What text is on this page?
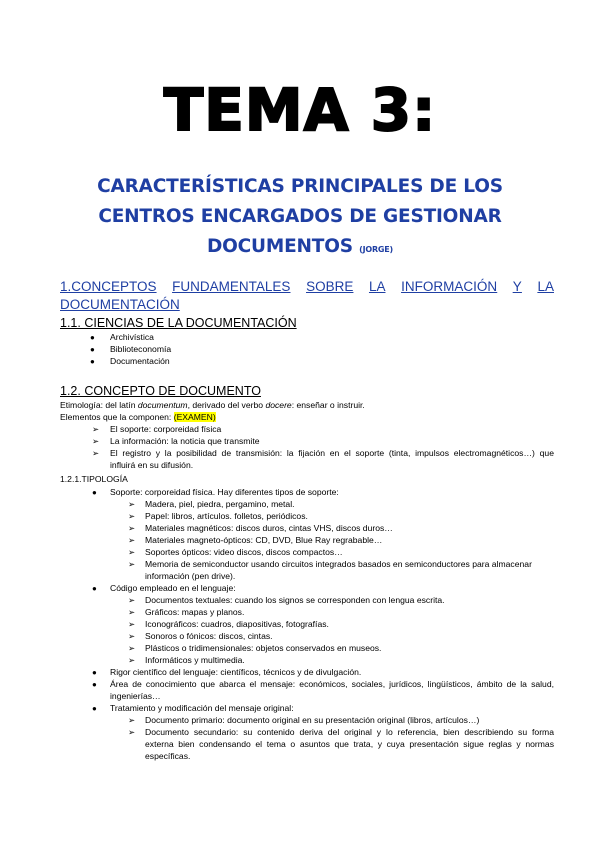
TEMA 3:
CARACTERÍSTICAS PRINCIPALES DE LOS
CENTROS ENCARGADOS DE GESTIONAR
DOCUMENTOS (JORGE)
1.CONCEPTOS FUNDAMENTALES SOBRE LA INFORMACIÓN Y LA
DOCUMENTACIÓN
1.1. CIENCIAS DE LA DOCUMENTACIÓN
● Archivística
● Biblioteconomía
● Documentación
1.2. CONCEPTO DE DOCUMENTO
Etimología: del latín documentum, derivado del verbo docere: enseñar o instruir.
Elementos que la componen: (EXAMEN)
➢ El soporte: corporeidad física
➢ La información: la noticia que transmite
➢ El registro y la posibilidad de transmisión: la fijación en el soporte (tinta, impulsos electromagnéticos…) que
influirá en su difusión.
1.2.1.TIPOLOGÍA
● Soporte: corporeidad física. Hay diferentes tipos de soporte:
➢ Madera, piel, piedra, pergamino, metal.
➢ Papel: libros, artículos. folletos, periódicos.
➢ Materiales magnéticos: discos duros, cintas VHS, discos duros…
➢ Materiales magneto-ópticos: CD, DVD, Blue Ray regrabable…
➢ Soportes ópticos: video discos, discos compactos…
➢ Memoria de semiconductor usando circuitos integrados basados en semiconductores para almacenar
información (pen drive).
● Código empleado en el lenguaje:
➢ Documentos textuales: cuando los signos se corresponden con lengua escrita.
➢ Gráficos: mapas y planos.
➢ Iconográficos: cuadros, diapositivas, fotografías.
➢ Sonoros o fónicos: discos, cintas.
➢ Plásticos o tridimensionales: objetos conservados en museos.
➢ Informáticos y multimedia.
● Rigor científico del lenguaje: científicos, técnicos y de divulgación.
● Área de conocimiento que abarca el mensaje: económicos, sociales, jurídicos, lingüísticos, ámbito de la salud,
ingenierías…
● Tratamiento y modificación del mensaje original:
➢ Documento primario: documento original en su presentación original (libros, artículos…)
➢ Documento secundario: su contenido deriva del original y lo referencia, bien describiendo su forma
externa bien condensando el tema o asuntos que trata, y cuya presentación sigue reglas y normas
específicas.
